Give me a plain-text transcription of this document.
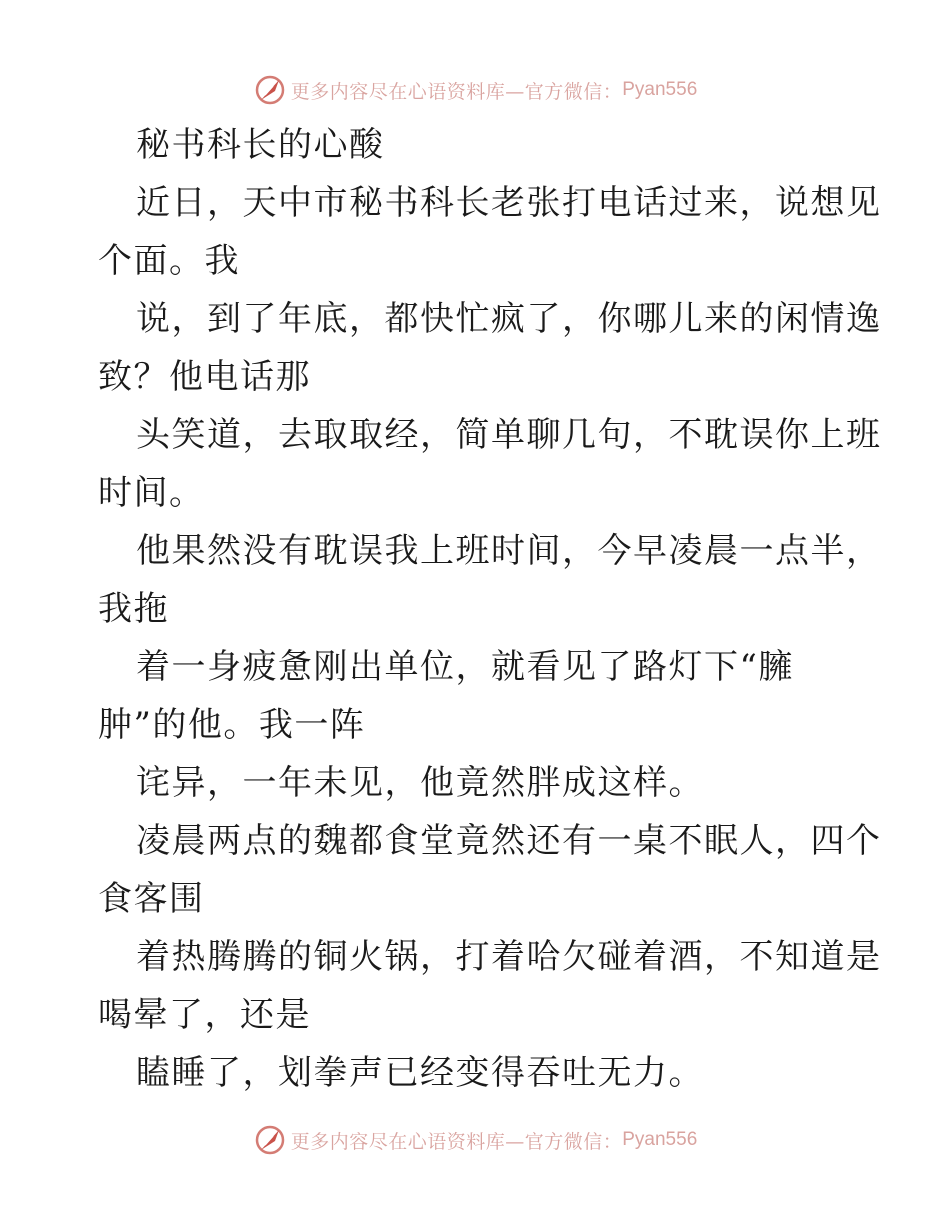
更多内容尽在心语资料库—官方微信： Pyan556
秘书科长的心酸
近日，天中市秘书科长老张打电话过来，说想见
个面。我
说，到了年底，都快忙疯了，你哪儿来的闲情逸
致？他电话那
头笑道，去取取经，简单聊几句，不耽误你上班
时间。
他果然没有耽误我上班时间，今早凌晨一点半，
我拖
着一身疲惫刚出单位，就看见了路灯下“臃
肿”的他。我一阵
诧异，一年未见，他竟然胖成这样。
凌晨两点的魏都食堂竟然还有一桌不眠人，四个
食客围
着热腾腾的铜火锅，打着哈欠碰着酒，不知道是
喝晕了，还是
瞌睡了，划拳声已经变得吞吐无力。
更多内容尽在心语资料库—官方微信： Pyan556
